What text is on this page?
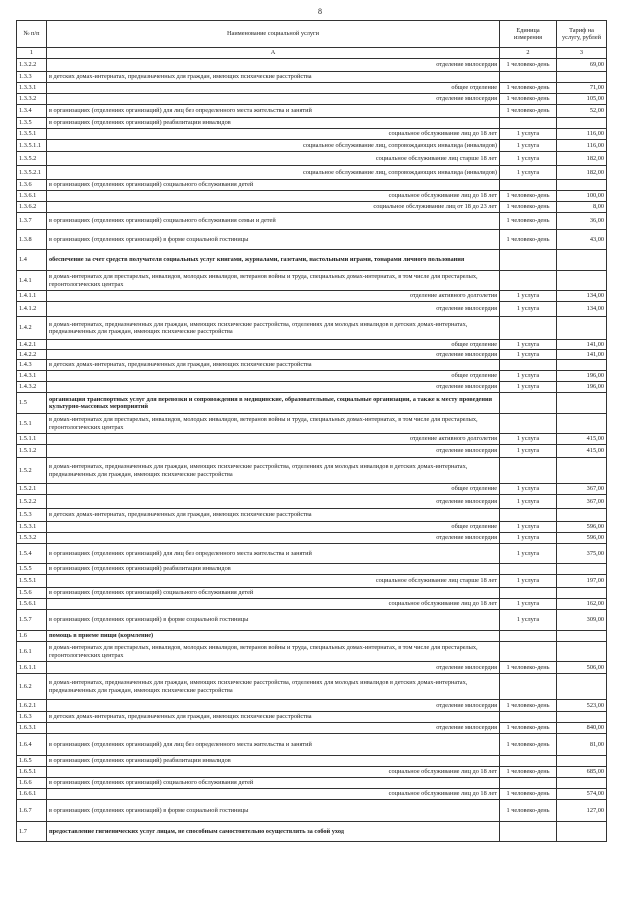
8
№ п/п	Наименование социальной услуги	Единица измерения	Тариф на услугу, рублей
1	А	2	3
1.3.2.2	отделение милосердия	1 человеко-день	69,00
1.3.3	в детских домах-интернатах, предназначенных для граждан, имеющих психические расстройства		
1.3.3.1	общее отделение	1 человеко-день	71,00
1.3.3.2	отделение милосердия	1 человеко-день	105,00
1.3.4	в организациях (отделениях организаций) для лиц без определенного места жительства и занятий	1 человеко-день	52,00
1.3.5	в организациях (отделениях организаций) реабилитации инвалидов		
1.3.5.1	социальное обслуживание лиц до 18 лет	1 услуга	116,00
1.3.5.1.1	социальное обслуживание лиц, сопровождающих инвалида (инвалидов)	1 услуга	116,00
1.3.5.2	социальное обслуживание лиц старше 18 лет	1 услуга	182,00
1.3.5.2.1	социальное обслуживание лиц, сопровождающих инвалида (инвалидов)	1 услуга	182,00
1.3.6	в организациях (отделениях организаций) социального обслуживания детей		
1.3.6.1	социальное обслуживание лиц до 18 лет	1 человеко-день	100,00
1.3.6.2	социальное обслуживание лиц от 18 до 23 лет	1 человеко-день	8,00
1.3.7	в организациях (отделениях организаций) социального обслуживания семьи и детей	1 человеко-день	36,00
1.3.8	в организациях (отделениях организаций) в форме социальной гостиницы	1 человеко-день	43,00
1.4	обеспечение за счет средств получателя социальных услуг книгами, журналами, газетами, настольными играми, тонарами личного пользования		
1.4.1	в домах-интернатах для престарелых, инвалидов, молодых инвалидов, ветеранов войны и труда, специальных домах-интернатах, в том числе для престарелых, геронтологических центрах		
1.4.1.1	отделение активного долголетия	1 услуга	134,00
1.4.1.2	отделение милосердия	1 услуга	134,00
1.4.2	в домах-интернатах, предназначенных для граждан, имеющих психические расстройства, отделениях для молодых инвалидов в детских домах-интернатах, предназначенных для граждан, имеющих психические расстройства		
1.4.2.1	общее отделение	1 услуга	141,00
1.4.2.2	отделение милосердия	1 услуга	141,00
1.4.3	в детских домах-интернатах, предназначенных для граждан, имеющих психические расстройства		
1.4.3.1	общее отделение	1 услуга	196,00
1.4.3.2	отделение милосердия	1 услуга	196,00
1.5	организация транспортных услуг для перевозки и сопровождения в медицинские, образовательные, социальные организации, а также к месту проведения культурно-массовых мероприятий		
1.5.1	в домах-интернатах для престарелых, инвалидов, молодых инвалидов, ветеранов войны и труда, специальных домах-интернатах, в том числе для престарелых, геронтологических центрах		
1.5.1.1	отделение активного долголетия	1 услуга	415,00
1.5.1.2	отделение милосердия	1 услуга	415,00
1.5.2	в домах-интернатах, предназначенных для граждан, имеющих психические расстройства, отделениях для молодых инвалидов в детских домах-интернатах, предназначенных для граждан, имеющих психические расстройства		
1.5.2.1	общее отделение	1 услуга	367,00
1.5.2.2	отделение милосердия	1 услуга	367,00
1.5.3	в детских домах-интернатах, предназначенных для граждан, имеющих психические расстройства		
1.5.3.1	общее отделение	1 услуга	596,00
1.5.3.2	отделение милосердия	1 услуга	596,00
1.5.4	в организациях (отделениях организаций) для лиц без определенного места жительства и занятий	1 услуга	375,00
1.5.5	в организациях (отделениях организаций) реабилитации инвалидов		
1.5.5.1	социальное обслуживание лиц старше 18 лет	1 услуга	197,00
1.5.6	в организациях (отделениях организаций) социального обслуживания детей		
1.5.6.1	социальное обслуживание лиц до 18 лет	1 услуга	162,00
1.5.7	в организациях (отделениях организаций) в форме социальной гостиницы	1 услуга	309,00
1.6	помощь в приеме пищи (кормление)		
1.6.1	в домах-интернатах для престарелых, инвалидов, молодых инвалидов, ветеранов войны и труда, специальных домах-интернатах, в том числе для престарелых, геронтологических центрах		
1.6.1.1	отделение милосердия	1 человеко-день	506,00
1.6.2	в домах-интернатах, предназначенных для граждан, имеющих психические расстройства, отделениях для молодых инвалидов в детских домах-интернатах, предназначенных для граждан, имеющих психические расстройства		
1.6.2.1	отделение милосердия	1 человеко-день	523,00
1.6.3	в детских домах-интернатах, предназначенных для граждан, имеющих психические расстройства		
1.6.3.1	отделение милосердия	1 человеко-день	840,00
1.6.4	в организациях (отделениях организаций) для лиц без определенного места жительства и занятий	1 человеко-день	81,00
1.6.5	в организациях (отделениях организаций) реабилитации инвалидов		
1.6.5.1	социальное обслуживание лиц до 18 лет	1 человеко-день	685,00
1.6.6	в организациях (отделениях организаций) социального обслуживания детей		
1.6.6.1	социальное обслуживание лиц до 18 лет	1 человеко-день	574,00
1.6.7	в организациях (отделениях организаций) в форме социальной гостиницы	1 человеко-день	127,00
1.7	предоставление гигиенических услуг лицам, не способным самостоятельно осуществлять за собой уход		
